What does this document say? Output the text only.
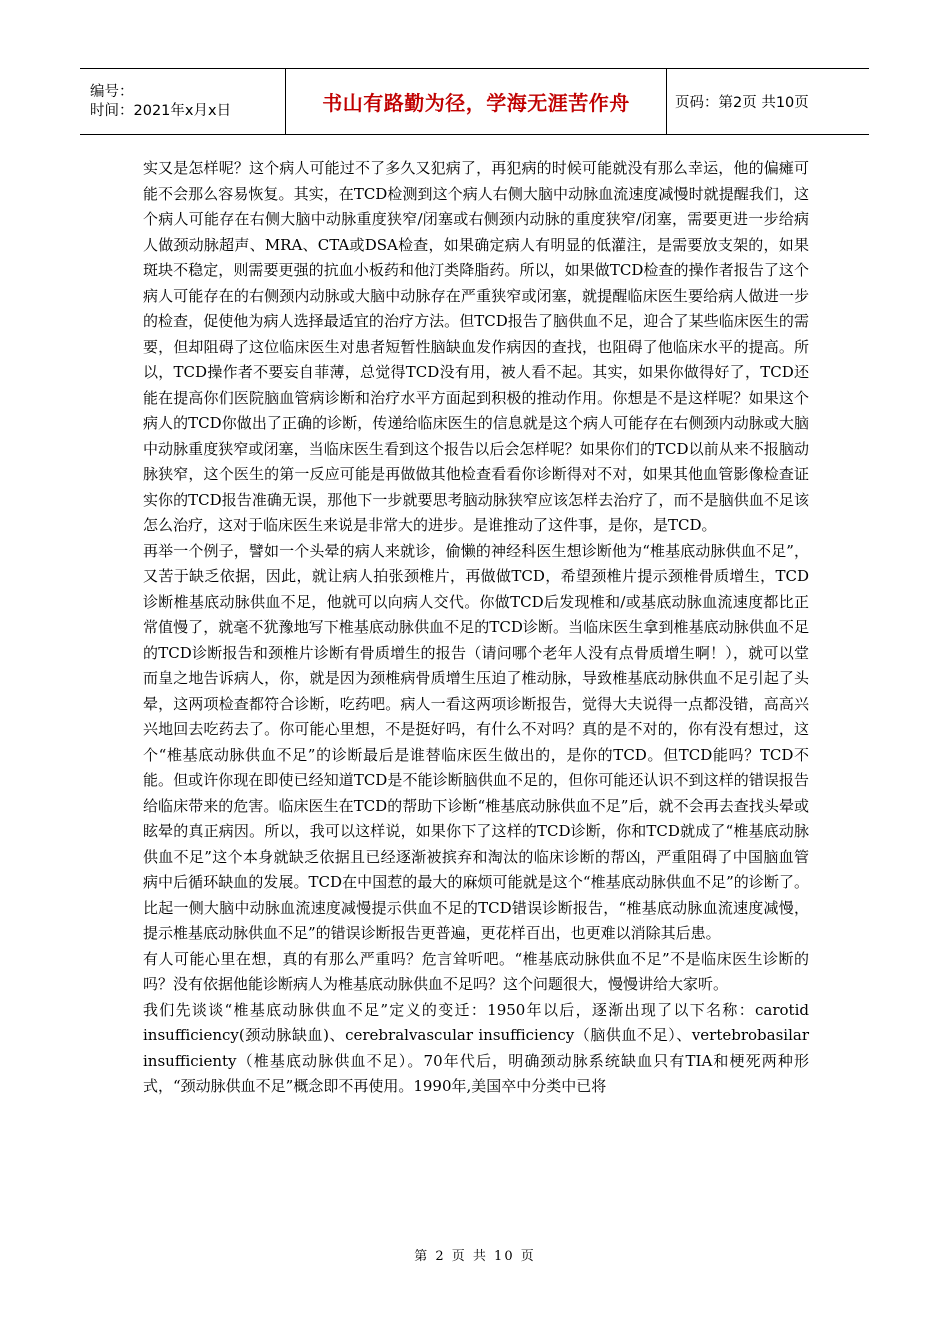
编号：
时间：2021年x月x日	书山有路勤为径，学海无涯苦作舟	页码：第2页 共10页

实又是怎样呢？这个病人可能过不了多久又犯病了，再犯病的时候可能就没有那么幸运，他的偏瘫可能不会那么容易恢复。其实，在TCD检测到这个病人右侧大脑中动脉血流速度减慢时就提醒我们，这个病人可能存在右侧大脑中动脉重度狭窄/闭塞或右侧颈内动脉的重度狭窄/闭塞，需要更进一步给病人做颈动脉超声、MRA、CTA或DSA检查，如果确定病人有明显的低灌注，是需要放支架的，如果斑块不稳定，则需要更强的抗血小板药和他汀类降脂药。所以，如果做TCD检查的操作者报告了这个病人可能存在的右侧颈内动脉或大脑中动脉存在严重狭窄或闭塞，就提醒临床医生要给病人做进一步的检查，促使他为病人选择最适宜的治疗方法。但TCD报告了脑供血不足，迎合了某些临床医生的需要，但却阻碍了这位临床医生对患者短暂性脑缺血发作病因的查找，也阻碍了他临床水平的提高。所以，TCD操作者不要妄自菲薄，总觉得TCD没有用，被人看不起。其实，如果你做得好了，TCD还能在提高你们医院脑血管病诊断和治疗水平方面起到积极的推动作用。你想是不是这样呢？如果这个病人的TCD你做出了正确的诊断，传递给临床医生的信息就是这个病人可能存在右侧颈内动脉或大脑中动脉重度狭窄或闭塞，当临床医生看到这个报告以后会怎样呢？如果你们的TCD以前从来不报脑动脉狭窄，这个医生的第一反应可能是再做做其他检查看看你诊断得对不对，如果其他血管影像检查证实你的TCD报告准确无误，那他下一步就要思考脑动脉狭窄应该怎样去治疗了，而不是脑供血不足该怎么治疗，这对于临床医生来说是非常大的进步。是谁推动了这件事，是你，是TCD。

再举一个例子，譬如一个头晕的病人来就诊，偷懒的神经科医生想诊断他为“椎基底动脉供血不足”，又苦于缺乏依据，因此，就让病人拍张颈椎片，再做做TCD，希望颈椎片提示颈椎骨质增生，TCD诊断椎基底动脉供血不足，他就可以向病人交代。你做TCD后发现椎和/或基底动脉血流速度都比正常值慢了，就毫不犹豫地写下椎基底动脉供血不足的TCD诊断。当临床医生拿到椎基底动脉供血不足的TCD诊断报告和颈椎片诊断有骨质增生的报告（请问哪个老年人没有点骨质增生啊！），就可以堂而皇之地告诉病人，你，就是因为颈椎病骨质增生压迫了椎动脉，导致椎基底动脉供血不足引起了头晕，这两项检查都符合诊断，吃药吧。病人一看这两项诊断报告，觉得大夫说得一点都没错，高高兴兴地回去吃药去了。你可能心里想，不是挺好吗，有什么不对吗？真的是不对的，你有没有想过，这个“椎基底动脉供血不足”的诊断最后是谁替临床医生做出的，是你的TCD。但TCD能吗？TCD不能。但或许你现在即使已经知道TCD是不能诊断脑供血不足的，但你可能还认识不到这样的错误报告给临床带来的危害。临床医生在TCD的帮助下诊断“椎基底动脉供血不足”后，就不会再去查找头晕或眩晕的真正病因。所以，我可以这样说，如果你下了这样的TCD诊断，你和TCD就成了“椎基底动脉供血不足”这个本身就缺乏依据且已经逐渐被摈弃和淘汰的临床诊断的帮凶，严重阻碍了中国脑血管病中后循环缺血的发展。TCD在中国惹的最大的麻烦可能就是这个“椎基底动脉供血不足”的诊断了。比起一侧大脑中动脉血流速度减慢提示供血不足的TCD错误诊断报告，“椎基底动脉血流速度减慢，提示椎基底动脉供血不足”的错误诊断报告更普遍，更花样百出，也更难以消除其后患。

有人可能心里在想，真的有那么严重吗？危言耸听吧。“椎基底动脉供血不足”不是临床医生诊断的吗？没有依据他能诊断病人为椎基底动脉供血不足吗？这个问题很大，慢慢讲给大家听。

我们先谈谈“椎基底动脉供血不足”定义的变迁：1950年以后，逐渐出现了以下名称：carotid insufficiency(颈动脉缺血)、cerebralvascular insufficiency（脑供血不足）、vertebrobasilar insufficienty（椎基底动脉供血不足）。70年代后，明确颈动脉系统缺血只有TIA和梗死两种形式，“颈动脉供血不足”概念即不再使用。1990年,美国卒中分类中已将

第 2 页 共 10 页
